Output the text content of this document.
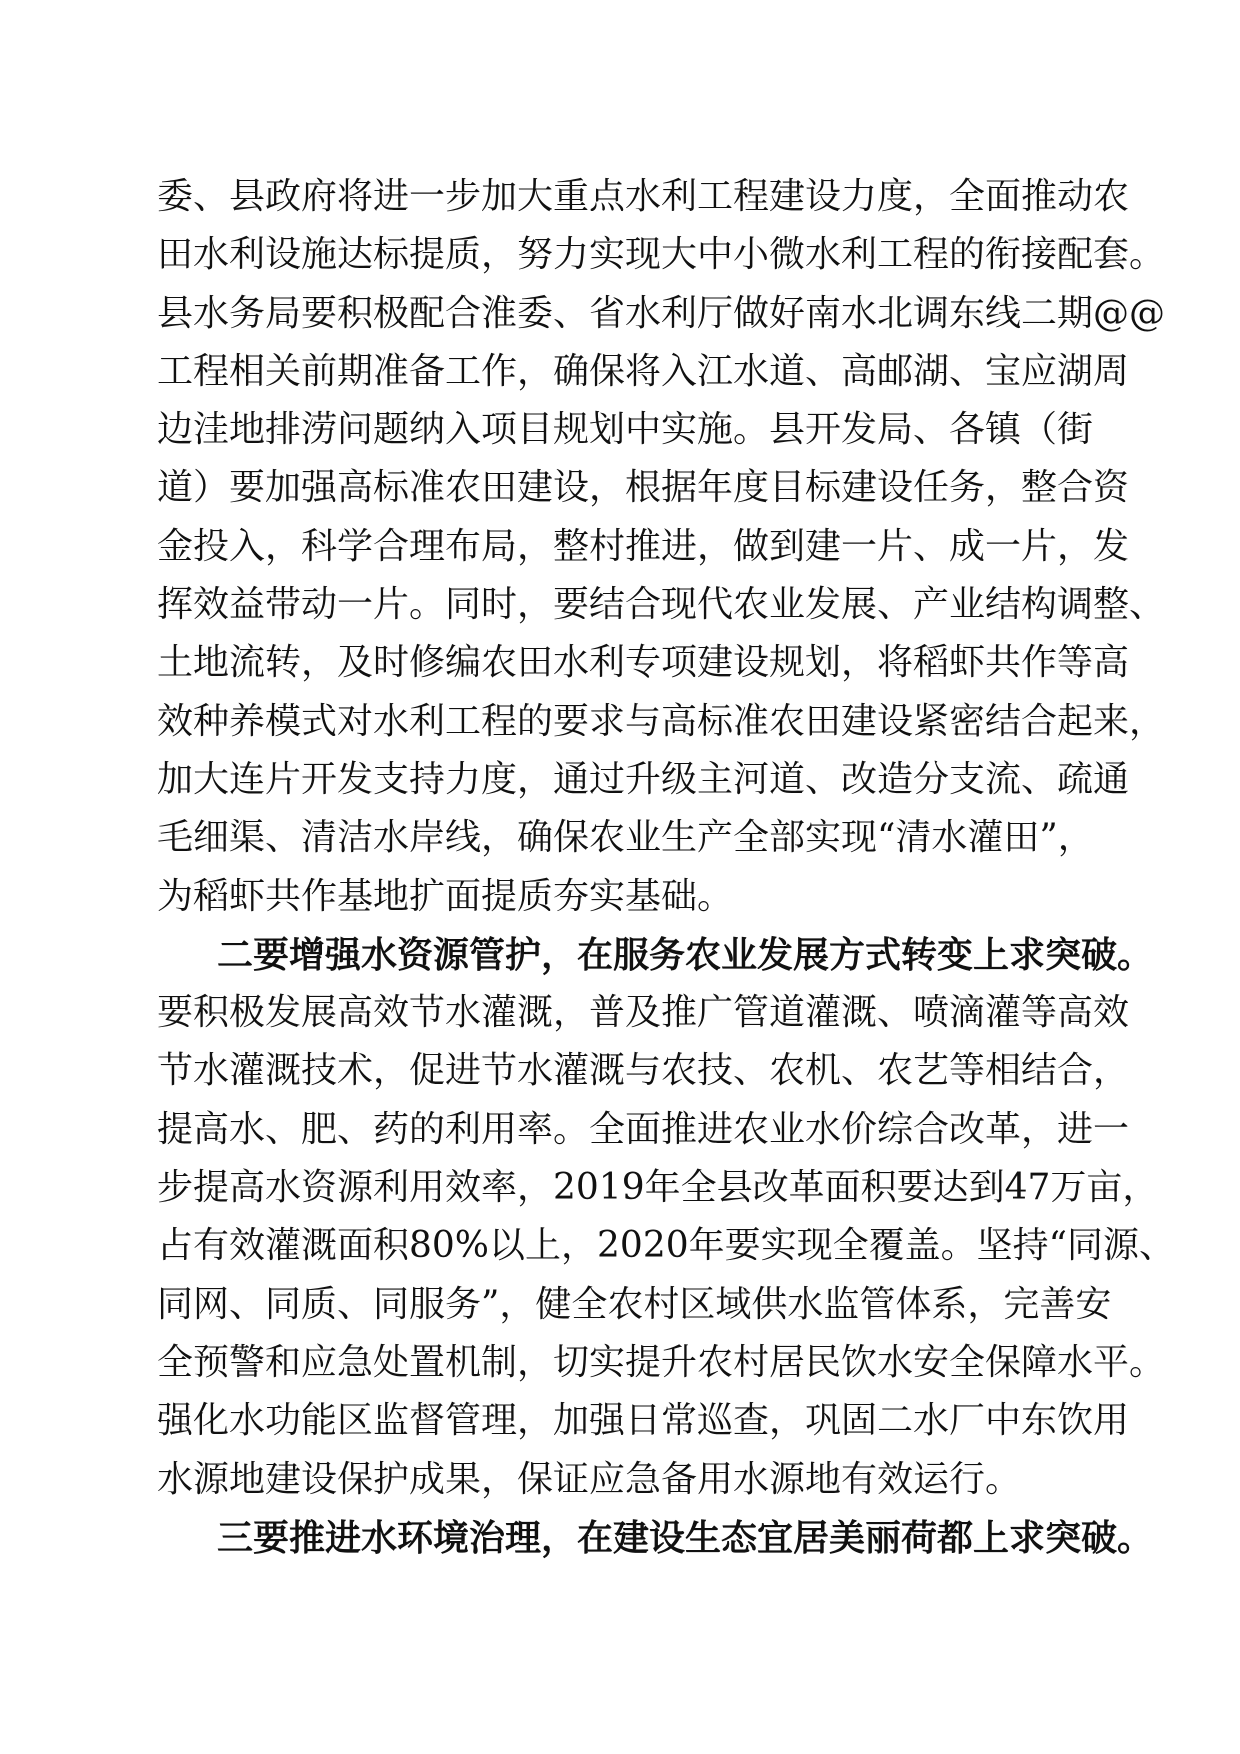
委、县政府将进一步加大重点水利工程建设力度，全面推动农
田水利设施达标提质，努力实现大中小微水利工程的衔接配套。
县水务局要积极配合淮委、省水利厅做好南水北调东线二期@@
工程相关前期准备工作，确保将入江水道、高邮湖、宝应湖周
边洼地排涝问题纳入项目规划中实施。县开发局、各镇（街
道）要加强高标准农田建设，根据年度目标建设任务，整合资
金投入，科学合理布局，整村推进，做到建一片、成一片，发
挥效益带动一片。同时，要结合现代农业发展、产业结构调整、
土地流转，及时修编农田水利专项建设规划，将稻虾共作等高
效种养模式对水利工程的要求与高标准农田建设紧密结合起来，
加大连片开发支持力度，通过升级主河道、改造分支流、疏通
毛细渠、清洁水岸线，确保农业生产全部实现“清水灌田”，
为稻虾共作基地扩面提质夯实基础。
二要增强水资源管护，在服务农业发展方式转变上求突破。
要积极发展高效节水灌溉，普及推广管道灌溉、喷滴灌等高效
节水灌溉技术，促进节水灌溉与农技、农机、农艺等相结合，
提高水、肥、药的利用率。全面推进农业水价综合改革，进一
步提高水资源利用效率，2019年全县改革面积要达到47万亩，
占有效灌溉面积80%以上，2020年要实现全覆盖。坚持“同源、
同网、同质、同服务”，健全农村区域供水监管体系，完善安
全预警和应急处置机制，切实提升农村居民饮水安全保障水平。
强化水功能区监督管理，加强日常巡查，巩固二水厂中东饮用
水源地建设保护成果，保证应急备用水源地有效运行。
三要推进水环境治理，在建设生态宜居美丽荷都上求突破。
